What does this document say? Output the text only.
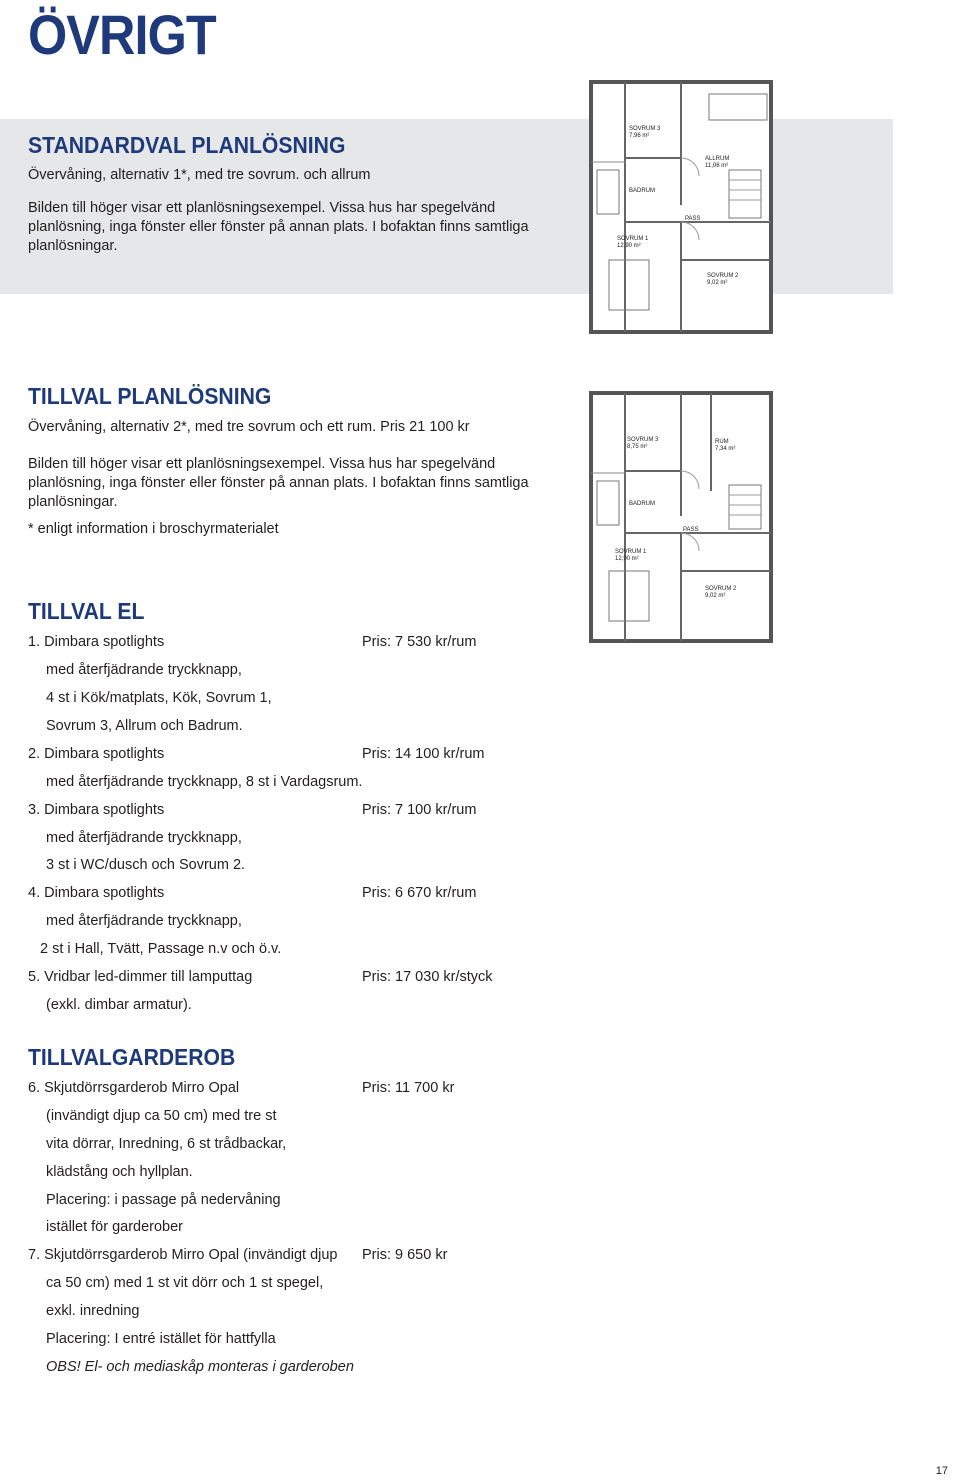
ÖVRIGT
STANDARDVAL PLANLÖSNING
Övervåning, alternativ 1*, med tre sovrum. och allrum
Bilden till höger visar ett planlösningsexempel. Vissa hus har spegelvänd
planlösning, inga fönster eller fönster på annan plats. I bofaktan finns samtliga
planlösningar.
SOVRUM 3
7,96 m²
ALLRUM
11,06 m²
BADRUM
PASS
SOVRUM 1
12,90 m²
SOVRUM 2
9,02 m²
TILLVAL PLANLÖSNING
Övervåning, alternativ 2*, med tre sovrum och ett rum. Pris 21 100 kr
Bilden till höger visar ett planlösningsexempel. Vissa hus har spegelvänd
planlösning, inga fönster eller fönster på annan plats. I bofaktan finns samtliga
planlösningar.
* enligt information i broschyrmaterialet
SOVRUM 3
8,75 m²
RUM
7,34 m²
BADRUM
PASS
SOVRUM 1
12,90 m²
SOVRUM 2
9,02 m²
TILLVAL EL
1. Dimbara spotlights	Pris: 7 530 kr/rum
med återfjädrande tryckknapp,
4 st i Kök/matplats, Kök, Sovrum 1,
Sovrum 3, Allrum och Badrum.
2. Dimbara spotlights	Pris: 14 100 kr/rum
med återfjädrande tryckknapp, 8 st i Vardagsrum.
3. Dimbara spotlights	Pris: 7 100 kr/rum
med återfjädrande tryckknapp,
3 st i WC/dusch och Sovrum 2.
4. Dimbara spotlights	Pris: 6 670 kr/rum
med återfjädrande tryckknapp,
2 st i Hall, Tvätt, Passage n.v och ö.v.
5. Vridbar led-dimmer till lamputtag	Pris: 17 030 kr/styck
(exkl. dimbar armatur).
TILLVALGARDEROB
6. Skjutdörrsgarderob Mirro Opal	Pris: 11 700 kr
(invändigt djup ca 50 cm) med tre st
vita dörrar, Inredning, 6 st trådbackar,
klädstång och hyllplan.
Placering: i passage på nedervåning
istället för garderober
7. Skjutdörrsgarderob Mirro Opal (invändigt djup Pris: 9 650 kr
ca 50 cm) med 1 st vit dörr och 1 st spegel,
exkl. inredning
Placering: I entré istället för hattfylla
OBS! El- och mediaskåp monteras i garderoben
17
